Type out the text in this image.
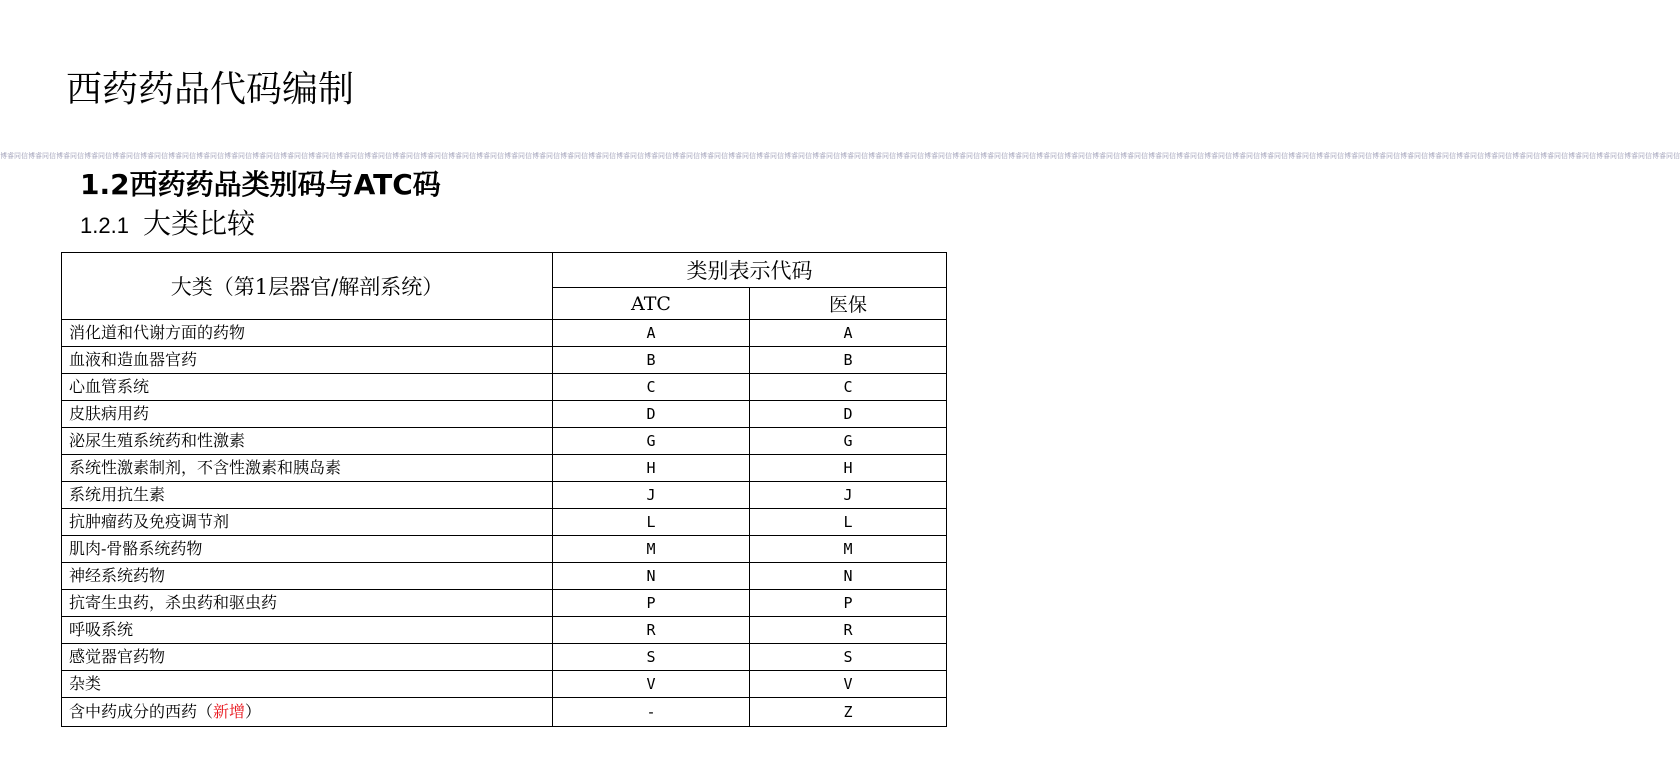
西药药品代码编制
博睿同信博睿同信博睿同信博睿同信博睿同信博睿同信博睿同信博睿同信博睿同信博睿同信博睿同信博睿同信博睿同信博睿同信博睿同信博睿同信博睿同信博睿同信博睿同信博睿同信博睿同信博睿同信博睿同信博睿同信博睿同信博睿同信博睿同信博睿同信博睿同信博睿同信博睿同信博睿同信博睿同信博睿同信博睿同信博睿同信博睿同信博睿同信博睿同信博睿同信博睿同信博睿同信博睿同信博睿同信博睿同信博睿同信博睿同信博睿同信博睿同信博睿同信博睿同信博睿同信博睿同信博睿同信博睿同信博睿同信博睿同信博睿同信博睿同信博睿同信
1.2西药药品类别码与ATC码
1.2.1 大类比较
大类（第1层器官/解剖系统）	类别表示代码	
	ATC	医保
消化道和代谢方面的药物	A	A
血液和造血器官药	B	B
心血管系统	C	C
皮肤病用药	D	D
泌尿生殖系统药和性激素	G	G
系统性激素制剂，不含性激素和胰岛素	H	H
系统用抗生素	J	J
抗肿瘤药及免疫调节剂	L	L
肌肉-骨骼系统药物	M	M
神经系统药物	N	N
抗寄生虫药，杀虫药和驱虫药	P	P
呼吸系统	R	R
感觉器官药物	S	S
杂类	V	V
含中药成分的西药（新增）	-	Z
